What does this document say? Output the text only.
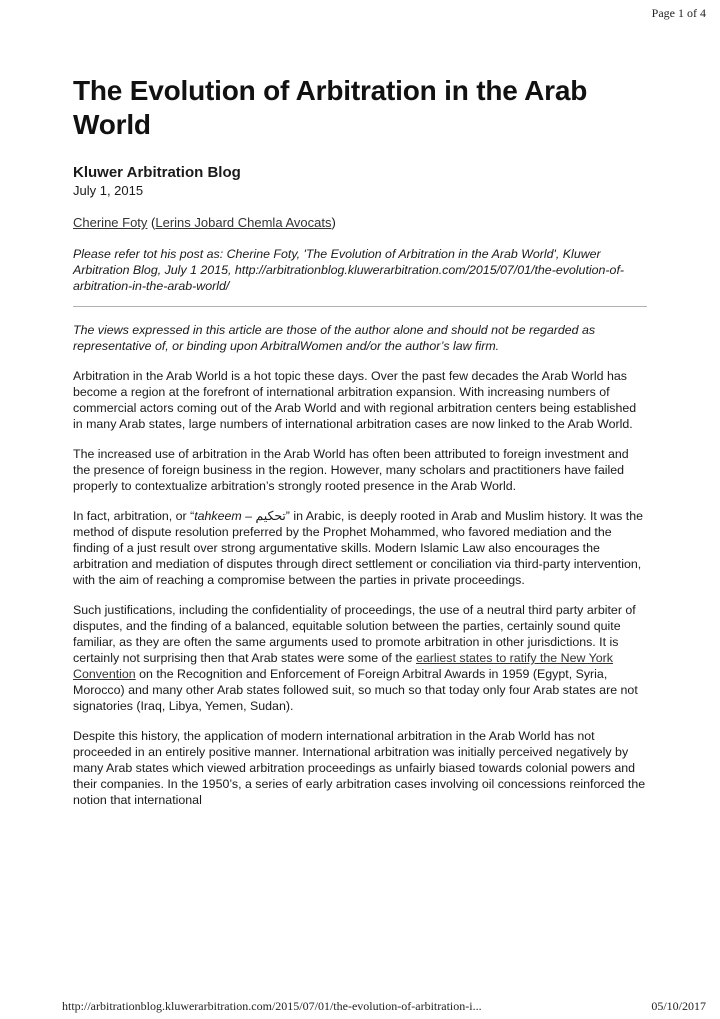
Page 1 of 4
The Evolution of Arbitration in the Arab World

Kluwer Arbitration Blog

July 1, 2015

Cherine Foty (Lerins Jobard Chemla Avocats)

Please refer tot his post as: Cherine Foty, 'The Evolution of Arbitration in the Arab World', Kluwer Arbitration Blog, July 1 2015, http://arbitrationblog.kluwerarbitration.com/2015/07/01/the-evolution-of-arbitration-in-the-arab-world/

The views expressed in this article are those of the author alone and should not be regarded as representative of, or binding upon ArbitralWomen and/or the author’s law firm.

Arbitration in the Arab World is a hot topic these days. Over the past few decades the Arab World has become a region at the forefront of international arbitration expansion. With increasing numbers of commercial actors coming out of the Arab World and with regional arbitration centers being established in many Arab states, large numbers of international arbitration cases are now linked to the Arab World.

The increased use of arbitration in the Arab World has often been attributed to foreign investment and the presence of foreign business in the region. However, many scholars and practitioners have failed properly to contextualize arbitration’s strongly rooted presence in the Arab World.

In fact, arbitration, or “tahkeem – تحكيم” in Arabic, is deeply rooted in Arab and Muslim history. It was the method of dispute resolution preferred by the Prophet Mohammed, who favored mediation and the finding of a just result over strong argumentative skills. Modern Islamic Law also encourages the arbitration and mediation of disputes through direct settlement or conciliation via third-party intervention, with the aim of reaching a compromise between the parties in private proceedings.

Such justifications, including the confidentiality of proceedings, the use of a neutral third party arbiter of disputes, and the finding of a balanced, equitable solution between the parties, certainly sound quite familiar, as they are often the same arguments used to promote arbitration in other jurisdictions. It is certainly not surprising then that Arab states were some of the earliest states to ratify the New York Convention on the Recognition and Enforcement of Foreign Arbitral Awards in 1959 (Egypt, Syria, Morocco) and many other Arab states followed suit, so much so that today only four Arab states are not signatories (Iraq, Libya, Yemen, Sudan).

Despite this history, the application of modern international arbitration in the Arab World has not proceeded in an entirely positive manner. International arbitration was initially perceived negatively by many Arab states which viewed arbitration proceedings as unfairly biased towards colonial powers and their companies. In the 1950’s, a series of early arbitration cases involving oil concessions reinforced the notion that international

http://arbitrationblog.kluwerarbitration.com/2015/07/01/the-evolution-of-arbitration-i...	05/10/2017
